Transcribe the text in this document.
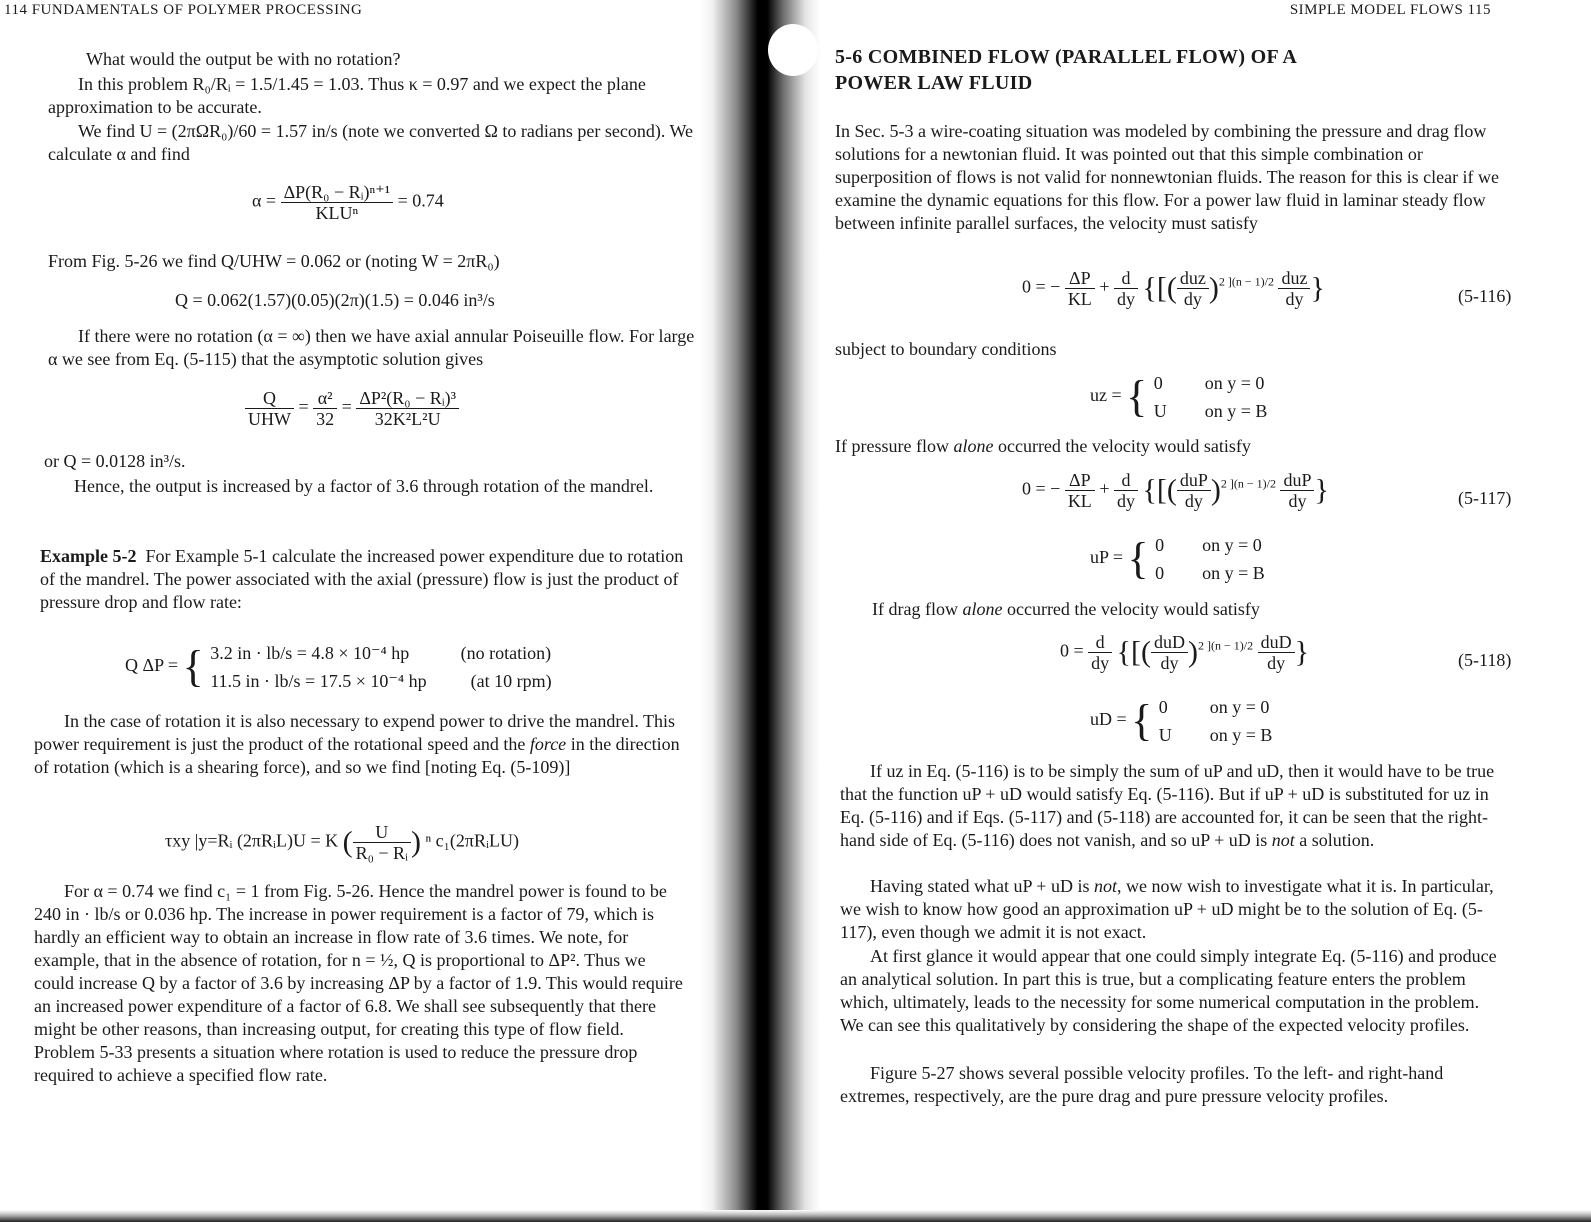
114 FUNDAMENTALS OF POLYMER PROCESSING

What would the output be with no rotation?

In this problem R₀/Rᵢ = 1.5/1.45 = 1.03. Thus κ = 0.97 and we expect the plane approximation to be accurate.
We find U = (2πΩR₀)/60 = 1.57 in/s (note we converted Ω to radians per second). We calculate α and find
$\alpha = \frac{\text{ΔP(R₀ − Rᵢ)ⁿ⁺¹}}{\text{KLUⁿ}} = 0.74$
From Fig. 5-26 we find Q/UHW = 0.062 or (noting W = 2πR₀)
Q = 0.062(1.57)(0.05)(2π)(1.5) = 0.046 in³/s
If there were no rotation (α = ∞) then we have axial annular Poiseuille flow. For large α we see from Eq. (5-115) that the asymptotic solution gives
$\frac{Q}{\text{UHW}} = \frac{\text{α²}}{32} = \frac{\text{ΔP²(R₀ − Rᵢ)³}}{\text{32K²L²U}}$
or Q = 0.0128 in³/s.
Hence, the output is increased by a factor of 3.6 through rotation of the mandrel.
Example 5-2 For Example 5-1 calculate the increased power expenditure due to rotation of the mandrel. The power associated with the axial (pressure) flow is just the product of pressure drop and flow rate:
Q ΔP = { 3.2 in · lb/s = 4.8 × 10⁻⁴ hp	(no rotation)
11.5 in · lb/s = 17.5 × 10⁻⁴ hp	(at 10 rpm)
In the case of rotation it is also necessary to expend power to drive the mandrel. This power requirement is just the product of the rotational speed and the force in the direction of rotation (which is a shearing force), and so we find [noting Eq. (5-109)]
τxy |y=Rᵢ (2πRᵢL)U = K ( $\frac{U}{\text{R₀ − Rᵢ}}$ ) ⁿ c₁(2πRᵢLU)
For α = 0.74 we find c₁ = 1 from Fig. 5-26. Hence the mandrel power is found to be 240 in · lb/s or 0.036 hp. The increase in power requirement is a factor of 79, which is hardly an efficient way to obtain an increase in flow rate of 3.6 times. We note, for example, that in the absence of rotation, for n = ½, Q is proportional to ΔP². Thus we could increase Q by a factor of 3.6 by increasing ΔP by a factor of 1.9. This would require an increased power expenditure of a factor of 6.8. We shall see subsequently that there might be other reasons, than increasing output, for creating this type of flow field. Problem 5-33 presents a situation where rotation is used to reduce the pressure drop required to achieve a specified flow rate.
SIMPLE MODEL FLOWS 115
5-6 COMBINED FLOW (PARALLEL FLOW) OF A
POWER LAW FLUID
In Sec. 5-3 a wire-coating situation was modeled by combining the pressure and drag flow solutions for a newtonian fluid. It was pointed out that this simple combination or superposition of flows is not valid for nonnewtonian fluids. The reason for this is clear if we examine the dynamic equations for this flow. For a power law fluid in laminar steady flow between infinite parallel surfaces, the velocity must satisfy
0 = − $\frac{\Delta P}{KL} + \frac{d}{dy}$ {[( $\frac{\text{duz}}{dy} )^{2 ](n - 1)/2} \frac{\text{duz}}{dy}$ }	(5-116)
subject to boundary conditions
uz = { 0	on y = 0
U	on y = B
If pressure flow alone occurred the velocity would satisfy
0 = − $\frac{\Delta P}{KL} + \frac{d}{dy}$ {[( $\frac{\text{duP}}{dy} )^{2 ](n - 1)/2} \frac{\text{duP}}{dy}$ }	(5-117)
uP = { 0	on y = 0
0	on y = B
If drag flow alone occurred the velocity would satisfy
$0 = \frac{d}{dy}$ {[( $\frac{\text{duD}}{dy} )^{2 ](n - 1)/2} \frac{\text{duD}}{dy}$ }	(5-118)
uD = { 0	on y = 0
U	on y = B
If uz in Eq. (5-116) is to be simply the sum of uP and uD, then it would have to be true that the function uP + uD would satisfy Eq. (5-116). But if uP + uD is substituted for uz in Eq. (5-116) and if Eqs. (5-117) and (5-118) are accounted for, it can be seen that the right-hand side of Eq. (5-116) does not vanish, and so uP + uD is not a solution.
Having stated what uP + uD is not, we now wish to investigate what it is. In particular, we wish to know how good an approximation uP + uD might be to the solution of Eq. (5-117), even though we admit it is not exact.
At first glance it would appear that one could simply integrate Eq. (5-116) and produce an analytical solution. In part this is true, but a complicating feature enters the problem which, ultimately, leads to the necessity for some numerical computation in the problem. We can see this qualitatively by considering the shape of the expected velocity profiles.
Figure 5-27 shows several possible velocity profiles. To the left- and right-hand extremes, respectively, are the pure drag and pure pressure velocity profiles.
